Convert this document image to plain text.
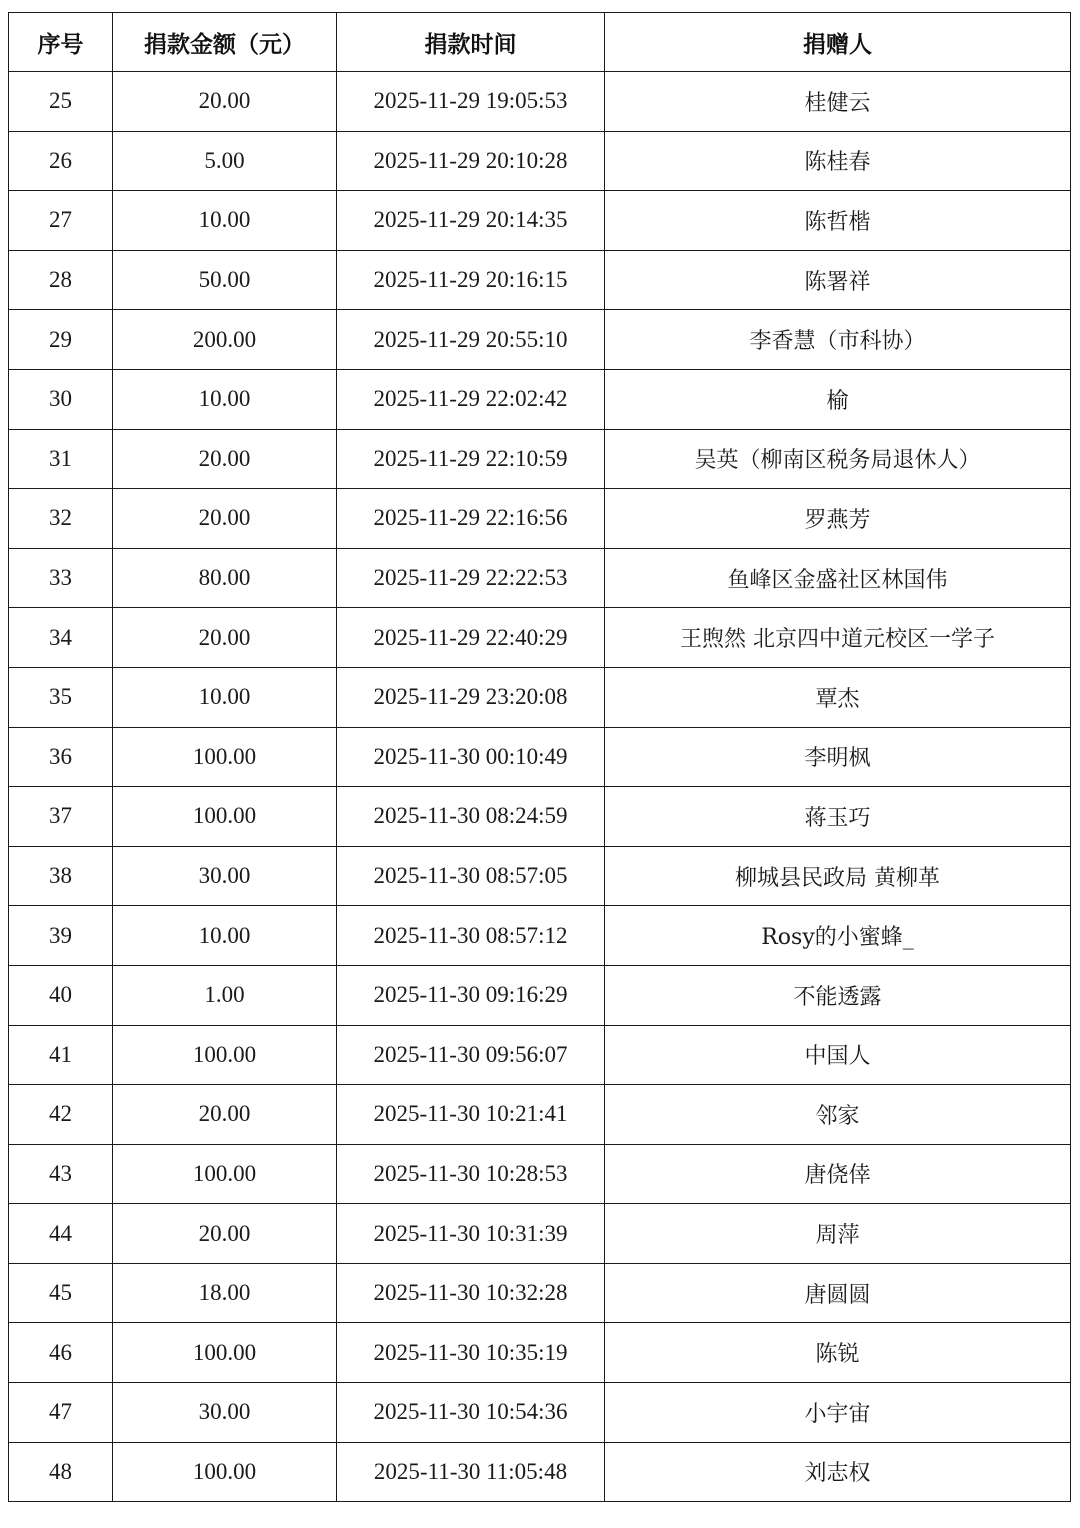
序号	捐款金额（元）	捐款时间	捐赠人
25	20.00	2025-11-29 19:05:53	桂健云
26	5.00	2025-11-29 20:10:28	陈桂春
27	10.00	2025-11-29 20:14:35	陈哲楷
28	50.00	2025-11-29 20:16:15	陈署祥
29	200.00	2025-11-29 20:55:10	李香慧（市科协）
30	10.00	2025-11-29 22:02:42	榆
31	20.00	2025-11-29 22:10:59	吴英（柳南区税务局退休人）
32	20.00	2025-11-29 22:16:56	罗燕芳
33	80.00	2025-11-29 22:22:53	鱼峰区金盛社区林国伟
34	20.00	2025-11-29 22:40:29	王煦然 北京四中道元校区一学子
35	10.00	2025-11-29 23:20:08	覃杰
36	100.00	2025-11-30 00:10:49	李明枫
37	100.00	2025-11-30 08:24:59	蒋玉巧
38	30.00	2025-11-30 08:57:05	柳城县民政局 黄柳革
39	10.00	2025-11-30 08:57:12	Rosy的小蜜蜂_
40	1.00	2025-11-30 09:16:29	不能透露
41	100.00	2025-11-30 09:56:07	中国人
42	20.00	2025-11-30 10:21:41	邻家
43	100.00	2025-11-30 10:28:53	唐侥倖
44	20.00	2025-11-30 10:31:39	周萍
45	18.00	2025-11-30 10:32:28	唐圆圆
46	100.00	2025-11-30 10:35:19	陈锐
47	30.00	2025-11-30 10:54:36	小宇宙
48	100.00	2025-11-30 11:05:48	刘志权
